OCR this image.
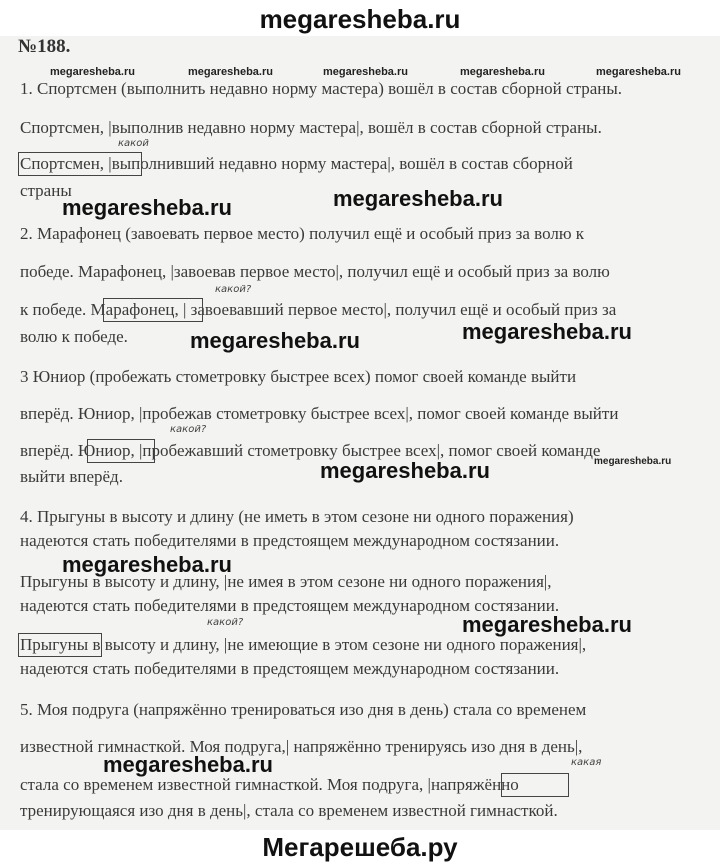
megaresheba.ru
№188.
megaresheba.ru	megaresheba.ru	megaresheba.ru	megaresheba.ru	megaresheba.ru
1. Спортсмен (выполнить недавно норму мастера) вошёл в состав сборной страны.
Спортсмен, |выполнив недавно норму мастера|, вошёл в состав сборной страны.
Спортсмен, |выполнивший недавно норму мастера|, вошёл в состав сборной
страны
2. Марафонец (завоевать первое место) получил ещё и особый приз за волю к
победе. Марафонец, |завоевав первое место|, получил ещё и особый приз за волю
к победе. Марафонец, | завоевавший первое место|, получил ещё и особый приз за
волю к победе.
3 Юниор (пробежать стометровку быстрее всех) помог своей команде выйти
вперёд. Юниор, |пробежав стометровку быстрее всех|, помог своей команде выйти
вперёд. Юниор, |пробежавший стометровку быстрее всех|, помог своей команде
выйти вперёд.
4. Прыгуны в высоту и длину (не иметь в этом сезоне ни одного поражения)
надеются стать победителями в предстоящем международном состязании.
Прыгуны в высоту и длину, |не имея в этом сезоне ни одного поражения|,
надеются стать победителями в предстоящем международном состязании.
Прыгуны в высоту и длину, |не имеющие в этом сезоне ни одного поражения|,
надеются стать победителями в предстоящем международном состязании.
5. Моя подруга (напряжённо тренироваться изо дня в день) стала со временем
известной гимнасткой. Моя подруга,| напряжённо тренируясь изо дня в день|,
стала со временем известной гимнасткой. Моя подруга, |напряжённо
тренирующаяся изо дня в день|, стала со временем известной гимнасткой.
какой
какой?
какой?
какой?
какая
megaresheba.ru	megaresheba.ru
megaresheba.ru	megaresheba.ru
megaresheba.ru
megaresheba.ru
megaresheba.ru
megaresheba.ru
megaresheba.ru
Мегарешеба.ру
